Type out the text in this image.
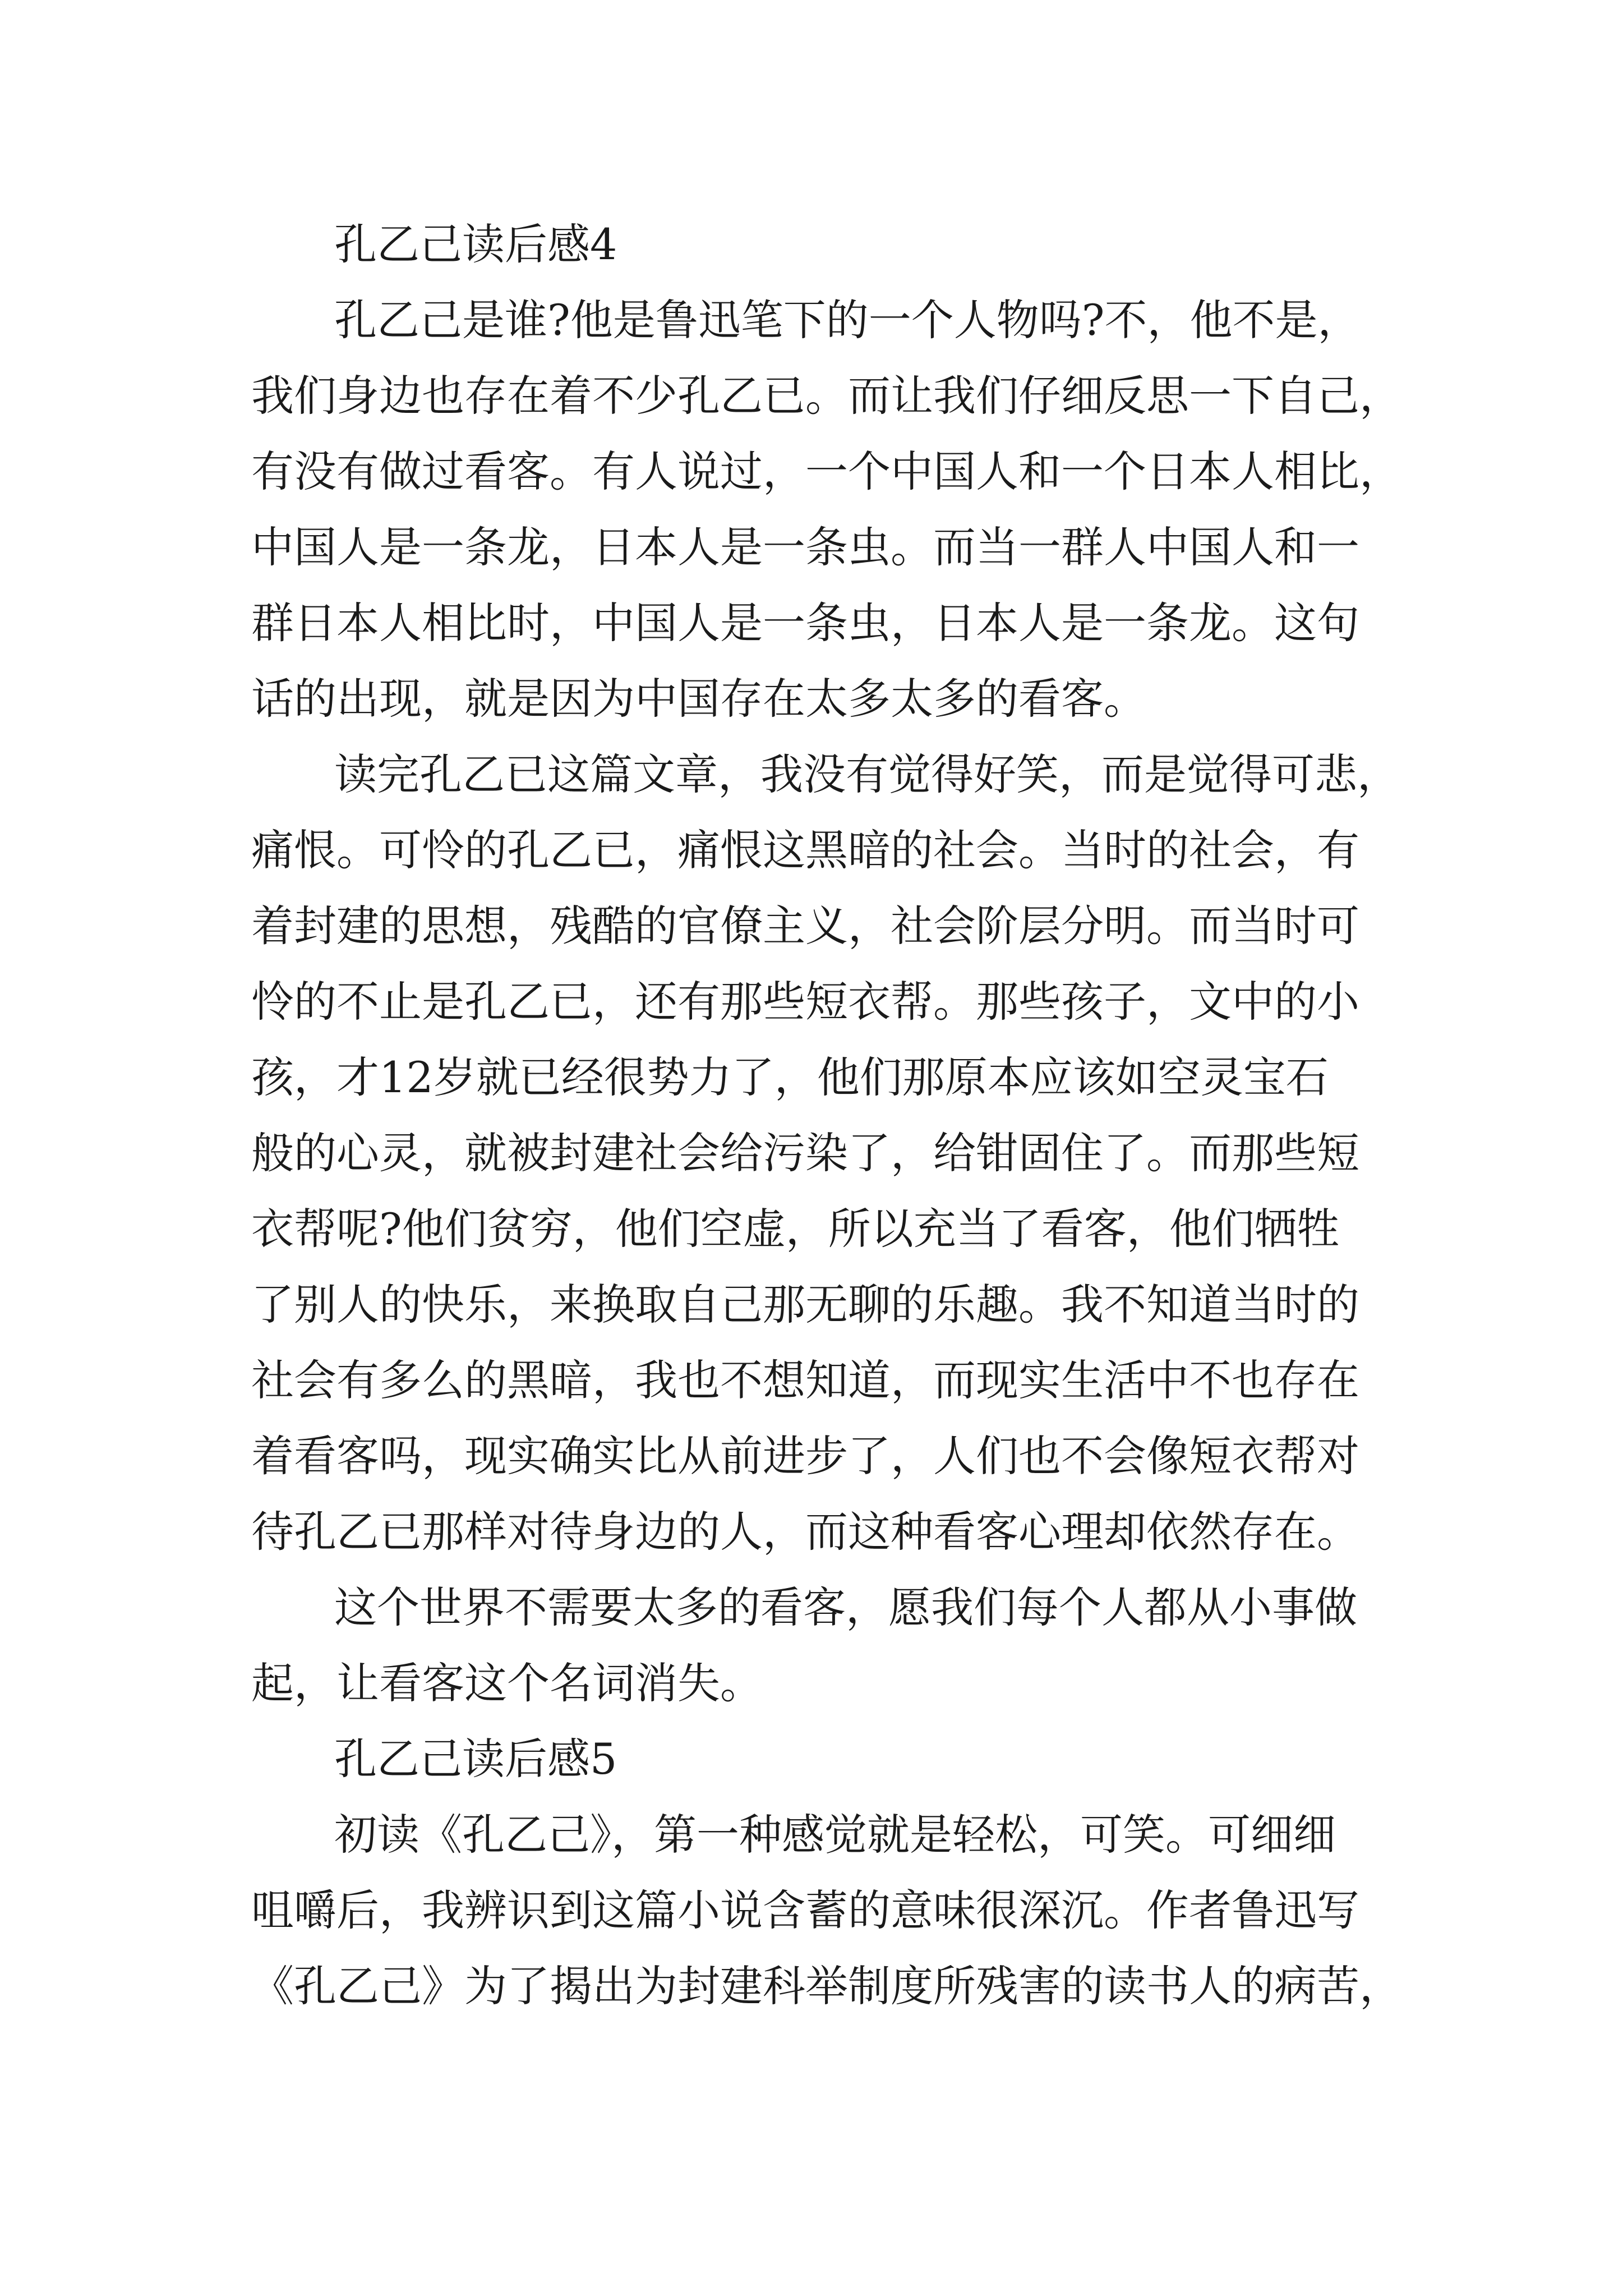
孔乙己读后感4

孔乙己是谁?他是鲁迅笔下的一个人物吗?不，他不是，

我们身边也存在着不少孔乙已。而让我们仔细反思一下自己，

有没有做过看客。有人说过，一个中国人和一个日本人相比，

中国人是一条龙，日本人是一条虫。而当一群人中国人和一

群日本人相比时，中国人是一条虫，日本人是一条龙。这句

话的出现，就是因为中国存在太多太多的看客。

读完孔乙已这篇文章，我没有觉得好笑，而是觉得可悲，

痛恨。可怜的孔乙已，痛恨这黑暗的社会。当时的社会，有

着封建的思想，残酷的官僚主义，社会阶层分明。而当时可

怜的不止是孔乙已，还有那些短衣帮。那些孩子，文中的小

孩，才12岁就已经很势力了，他们那原本应该如空灵宝石

般的心灵，就被封建社会给污染了，给钳固住了。而那些短

衣帮呢?他们贫穷，他们空虚，所以充当了看客，他们牺牲

了别人的快乐，来换取自己那无聊的乐趣。我不知道当时的

社会有多么的黑暗，我也不想知道，而现实生活中不也存在

着看客吗，现实确实比从前进步了，人们也不会像短衣帮对

待孔乙已那样对待身边的人，而这种看客心理却依然存在。

这个世界不需要太多的看客，愿我们每个人都从小事做

起，让看客这个名词消失。

孔乙己读后感5

初读《孔乙己》，第一种感觉就是轻松，可笑。可细细

咀嚼后，我辨识到这篇小说含蓄的意味很深沉。作者鲁迅写

《孔乙己》为了揭出为封建科举制度所残害的读书人的病苦，
